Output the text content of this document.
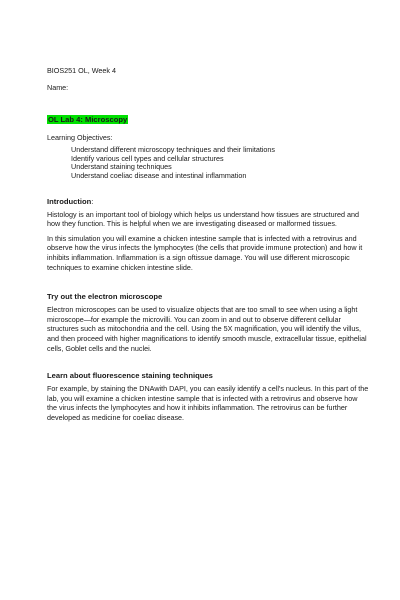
BIOS251 OL, Week 4

Name:

OL Lab 4: Microscopy

Learning Objectives:

Understand different microscopy techniques and their limitations
Identify various cell types and cellular structures
Understand staining techniques
Understand coeliac disease and intestinal inflammation

Introduction:

Histology is an important tool of biology which helps us understand how tissues are structured and how they function. This is helpful when we are investigating diseased or malformed tissues.

In this simulation you will examine a chicken intestine sample that is infected with a retrovirus and observe how the virus infects the lymphocytes (the cells that provide immune protection) and how it inhibits inflammation. Inflammation is a sign oftissue damage. You will use different microscopic techniques to examine chicken intestine slide.

Try out the electron microscope

Electron microscopes can be used to visualize objects that are too small to see when using a light microscope—for example the microvilli. You can zoom in and out to observe different cellular structures such as mitochondria and the cell. Using the 5X magnification, you will identify the villus, and then proceed with higher magnifications to identify smooth muscle, extracellular tissue, epithelial cells, Goblet cells and the nuclei.

Learn about fluorescence staining techniques

For example, by staining the DNAwith DAPI, you can easily identify a cell's nucleus. In this part of the lab, you will examine a chicken intestine sample that is infected with a retrovirus and observe how the virus infects the lymphocytes and how it inhibits inflammation. The retrovirus can be further developed as medicine for coeliac disease.
